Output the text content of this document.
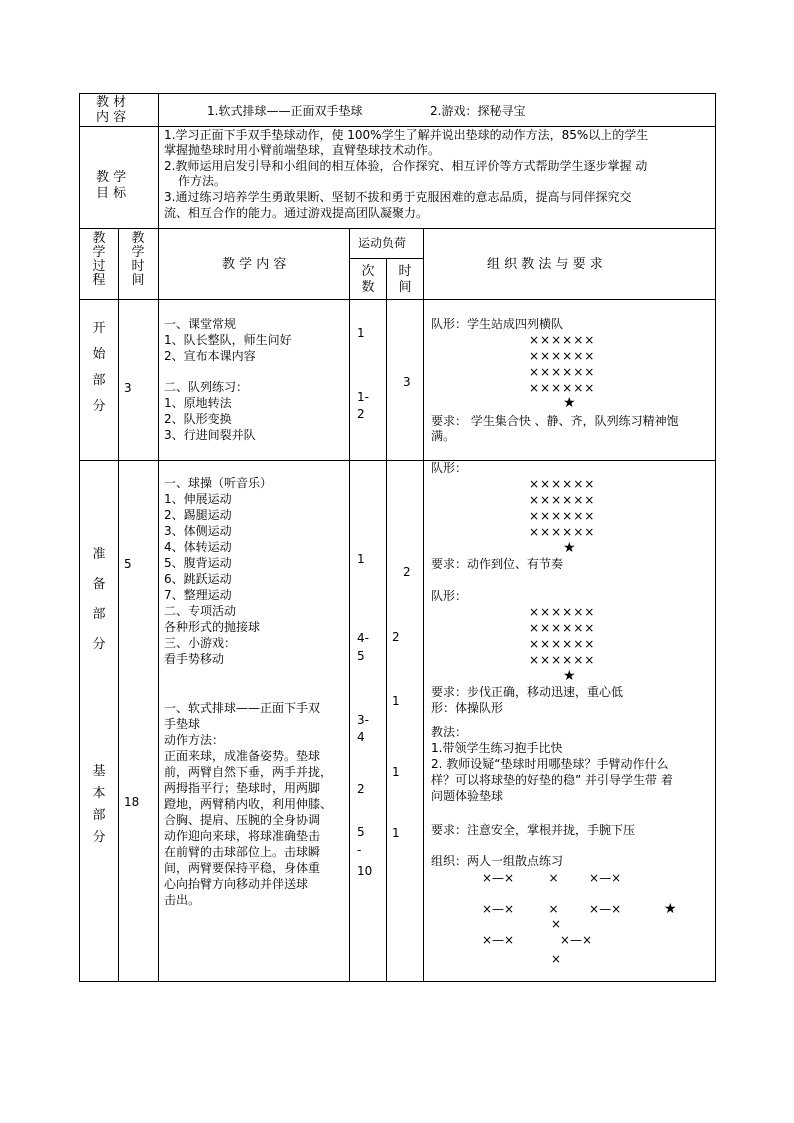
教 材
内 容	1.软式排球——正面双手垫球	2.游戏：探秘寻宝
教 学
目 标
1.学习正面下手双手垫球动作，使 100%学生了解并说出垫球的动作方法，85%以上的学生
掌握抛垫球时用小臂前端垫球，直臂垫球技术动作。
2.教师运用启发引导和小组间的相互体验，合作探究、相互评价等方式帮助学生逐步掌握 动
作方法。
3.通过练习培养学生勇敢果断、坚韧不拔和勇于克服困难的意志品质，提高与同伴探究交
流、相互合作的能力。通过游戏提高团队凝聚力。
教
学
过
程
教
学
时
间
教 学 内 容
运动负荷
次
数
时
间
组 织 教 法 与 要 求
开
始
部
分
3
一、课堂常规
1、队长整队，师生问好
2、宣布本课内容
二、队列练习：
1、原地转法
2、队形变换
3、行进间裂并队
1
1-
2
3
队形：学生站成四列横队
××××××
××××××
××××××
××××××
★
要求： 学生集合快 、静、齐，队列练习精神饱
满。
准
备
部
分
5
一、球操（听音乐）
1、伸展运动
2、踢腿运动
3、体侧运动
4、体转运动
5、腹背运动
6、跳跃运动
7、整理运动
二、专项活动
各种形式的抛接球
三、小游戏：
看手势移动
1
4-
5
2
2
队形：
××××××
××××××
××××××
××××××
★
要求：动作到位、有节奏
队形：
××××××
××××××
××××××
××××××
★
要求：步伐正确，移动迅速，重心低
形：体操队形
基
本
部
分
18
一、软式排球——正面下手双
手垫球
动作方法：
正面来球，成准备姿势。垫球
前，两臂自然下垂，两手并拢，
两拇指平行；垫球时，用两脚
蹬地，两臂稍内收，利用伸膝、
合胸、提肩、压腕的全身协调
动作迎向来球，将球准确垫击
在前臂的击球部位上。击球瞬
间，两臂要保持平稳，身体重
心向抬臂方向移动并伴送球
击出。
3-
4
2
5
-
10
1
1
1
教法：
1.带领学生练习抱手比快
2. 教师设疑“垫球时用哪垫球？手臂动作什么
样？可以将球垫的好垫的稳” 并引导学生带 着
问题体验垫球
要求：注意安全，掌根并拢，手腕下压
组织：两人一组散点练习
×—×         ×        ×—×
×—×         ×        ×—×
×
×—×            ×—×
×
★
